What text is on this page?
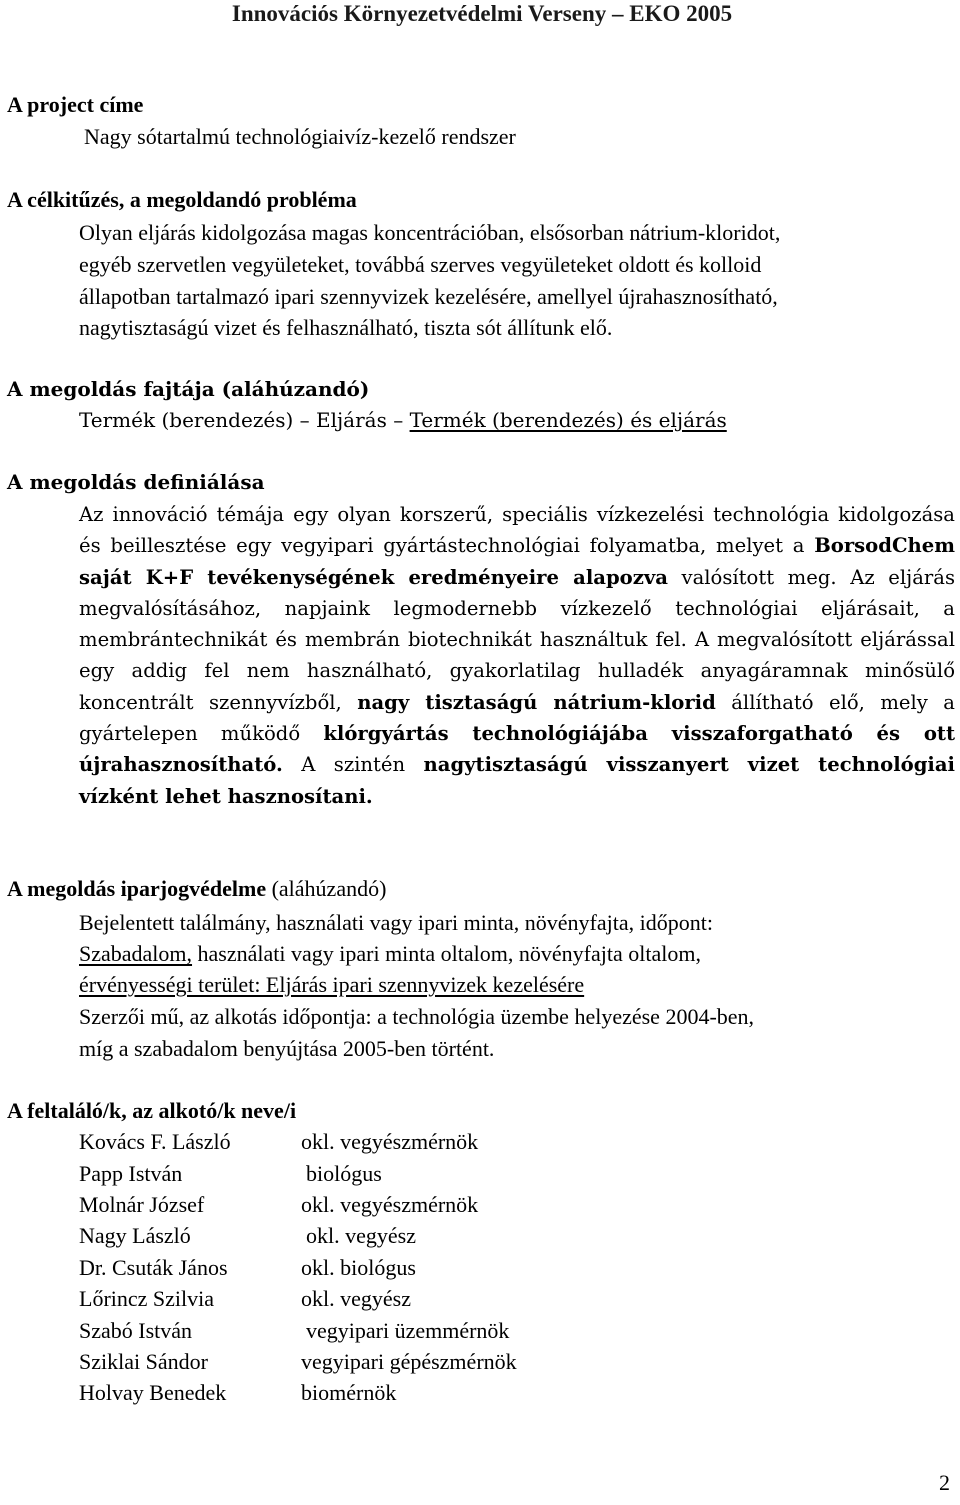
Innovációs Környezetvédelmi Verseny – EKO 2005
A project címe
Nagy sótartalmú technológiaivíz-kezelő rendszer
A célkitűzés, a megoldandó probléma
Olyan eljárás kidolgozása magas koncentrációban, elsősorban nátrium-kloridot,
egyéb szervetlen vegyületeket, továbbá szerves vegyületeket oldott és kolloid
állapotban tartalmazó ipari szennyvizek kezelésére, amellyel újrahasznosítható,
nagytisztaságú vizet és felhasználható, tiszta sót állítunk elő.
A megoldás fajtája (aláhúzandó)
Termék (berendezés) – Eljárás – Termék (berendezés) és eljárás
A megoldás definiálása
Az innováció témája egy olyan korszerű, speciális vízkezelési technológia kidolgozása és beillesztése egy vegyipari gyártástechnológiai folyamatba, melyet a BorsodChem saját K+F tevékenységének eredményeire alapozva valósított meg. Az eljárás megvalósításához, napjaink legmodernebb vízkezelő technológiai eljárásait, a membrántechnikát és membrán biotechnikát használtuk fel. A megvalósított eljárással egy addig fel nem használható, gyakorlatilag hulladék anyagáramnak minősülő koncentrált szennyvízből, nagy tisztaságú nátrium-klorid állítható elő, mely a gyártelepen működő klórgyártás technológiájába visszaforgatható és ott újrahasznosítható. A szintén nagytisztaságú visszanyert vizet technológiai vízként lehet hasznosítani.
A megoldás iparjogvédelme (aláhúzandó)
Bejelentett találmány, használati vagy ipari minta, növényfajta, időpont:
Szabadalom, használati vagy ipari minta oltalom, növényfajta oltalom,
érvényességi terület: Eljárás ipari szennyvizek kezelésére
Szerzői mű, az alkotás időpontja: a technológia üzembe helyezése 2004-ben,
míg a szabadalom benyújtása 2005-ben történt.
A feltaláló/k, az alkotó/k neve/i
Kovács F. László	okl. vegyészmérnök
Papp István	biológus
Molnár József	okl. vegyészmérnök
Nagy László	okl. vegyész
Dr. Csuták János	okl. biológus
Lőrincz Szilvia	okl. vegyész
Szabó István	vegyipari üzemmérnök
Sziklai Sándor	vegyipari gépészmérnök
Holvay Benedek	biomérnök
2
